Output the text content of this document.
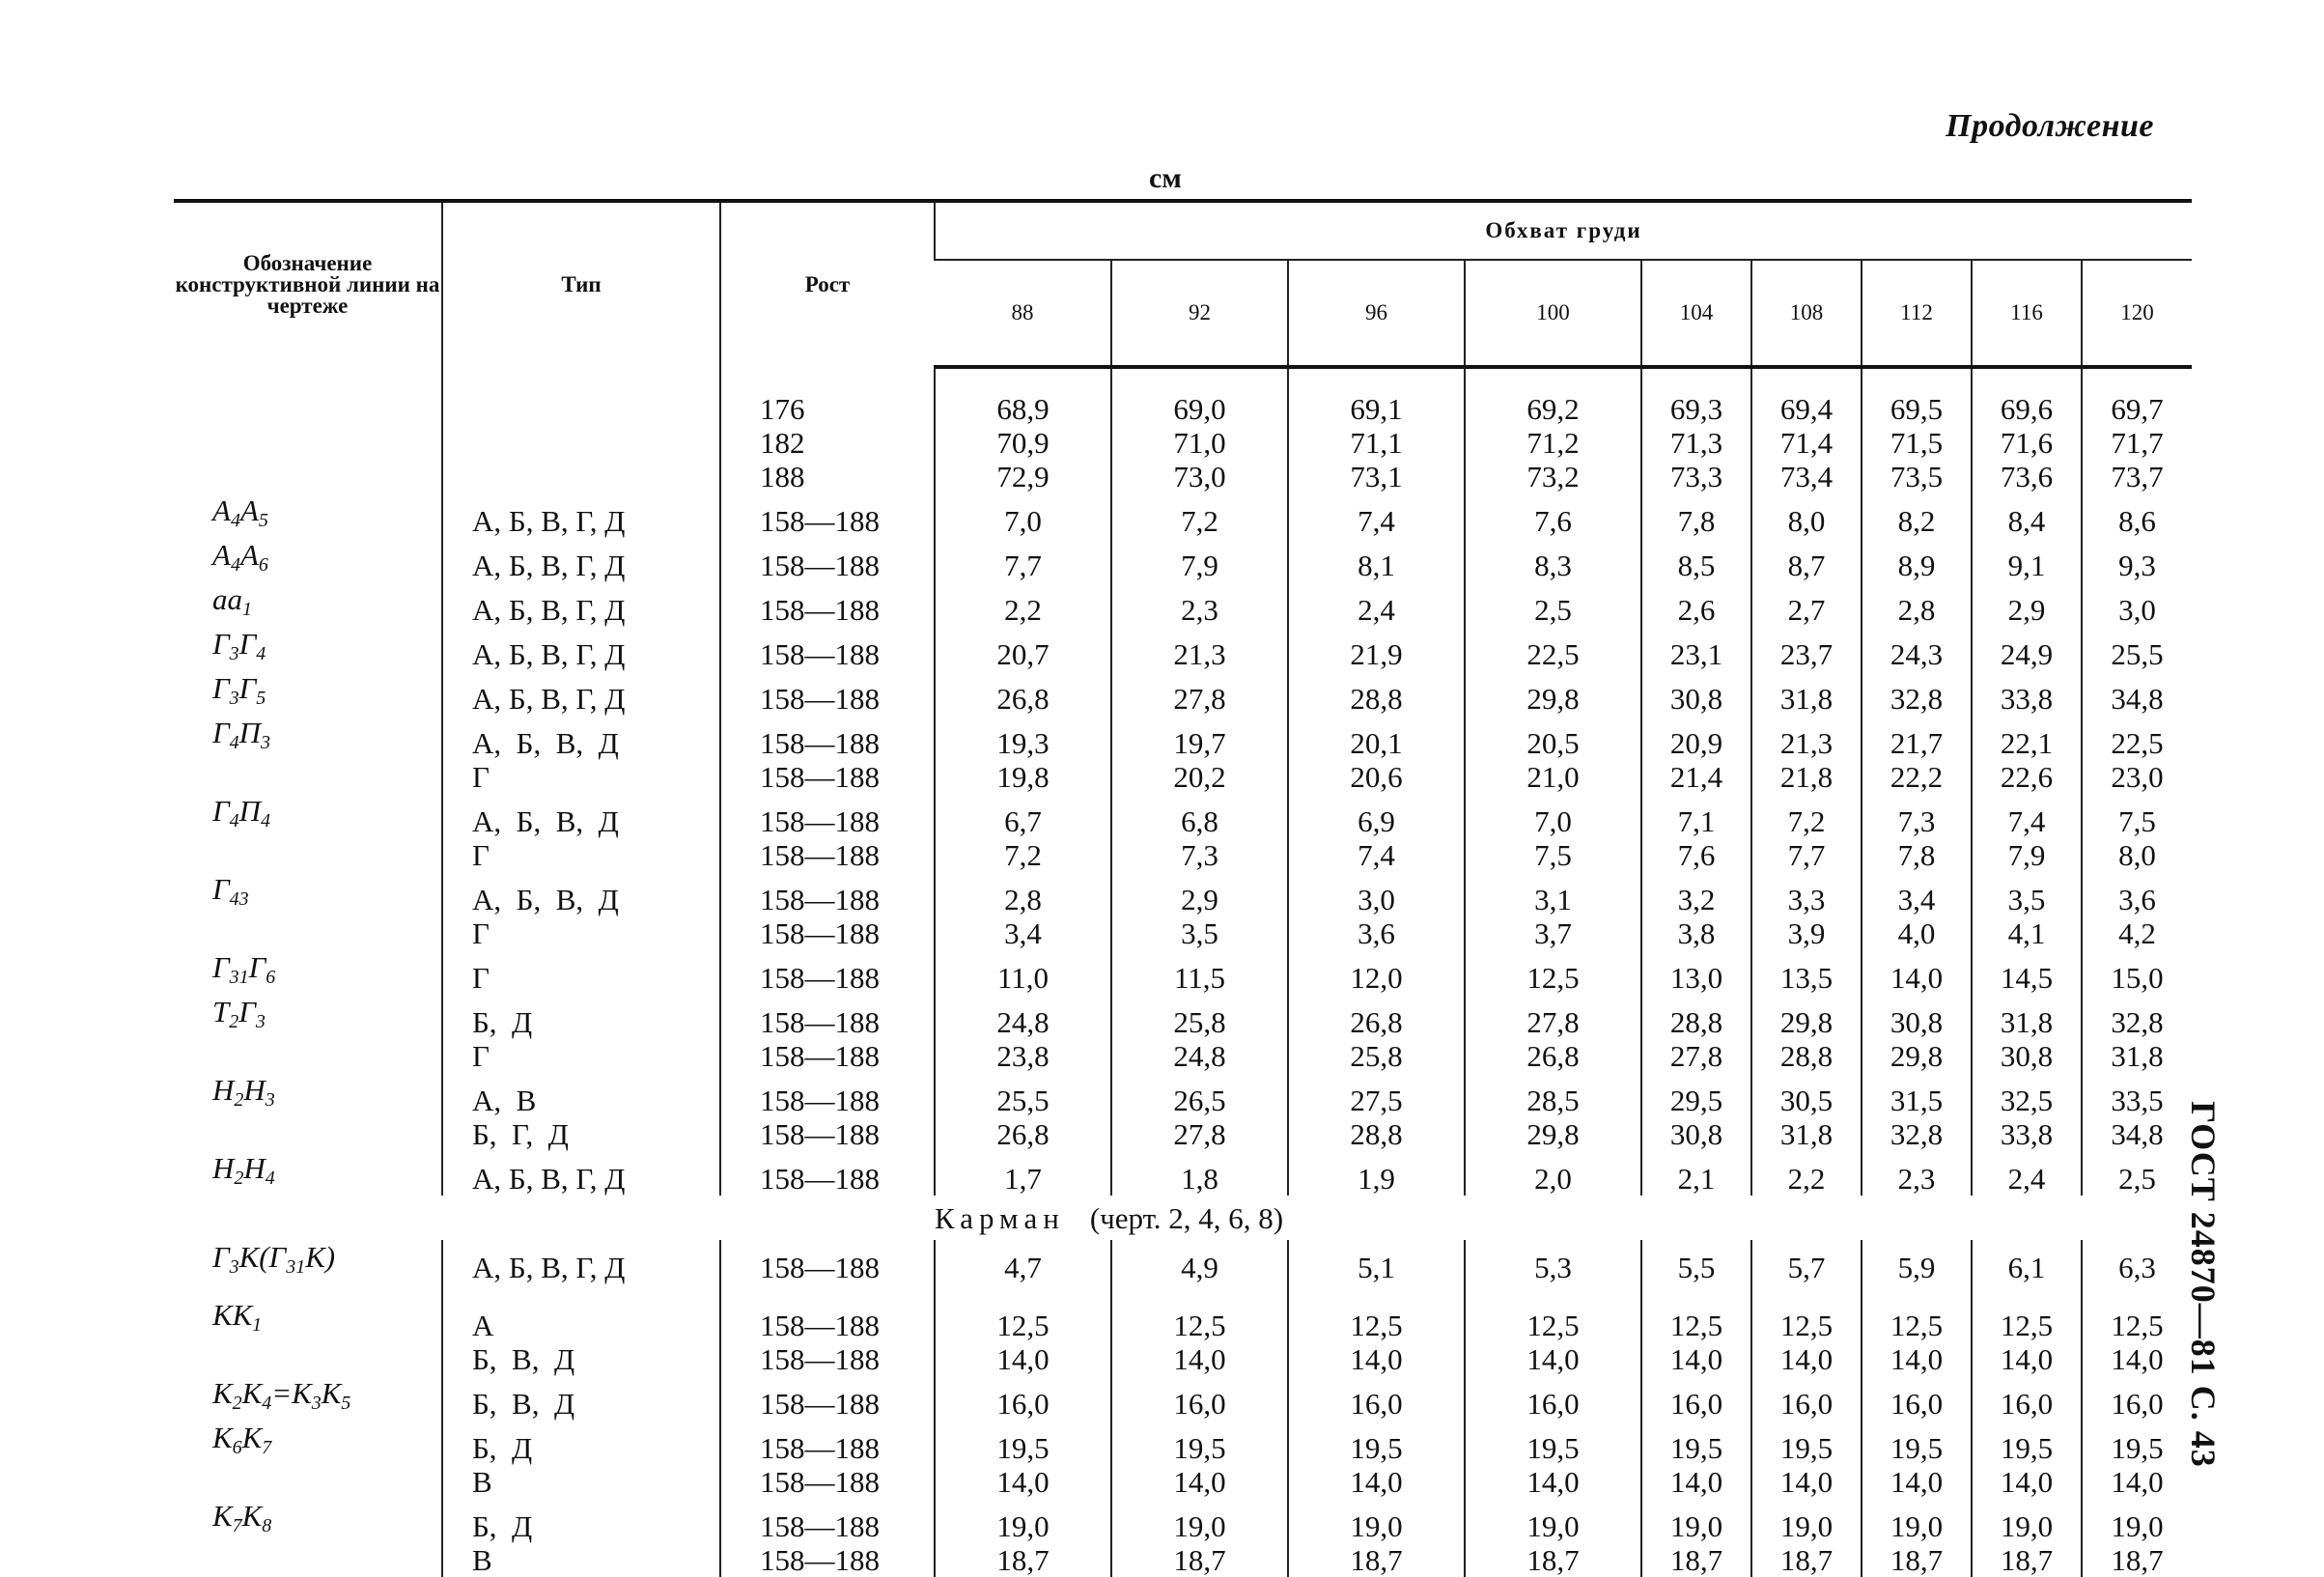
Продолжение
см
ГОСТ 24870—81 С. 43
Обозначение конструктивной линии на чертеже	Тип	Рост	Обхват груди								
			88	92	96	100	104	108	112	116	120

		176	68,9	69,0	69,1	69,2	69,3	69,4	69,5	69,6	69,7
		182	70,9	71,0	71,1	71,2	71,3	71,4	71,5	71,6	71,7
		188	72,9	73,0	73,1	73,2	73,3	73,4	73,5	73,6	73,7
$A_4A_5$	А, Б, В, Г, Д	158—188	7,0	7,2	7,4	7,6	7,8	8,0	8,2	8,4	8,6
$A_4A_6$	А, Б, В, Г, Д	158—188	7,7	7,9	8,1	8,3	8,5	8,7	8,9	9,1	9,3
$aa_1$	А, Б, В, Г, Д	158—188	2,2	2,3	2,4	2,5	2,6	2,7	2,8	2,9	3,0
$Г_3Г_4$	А, Б, В, Г, Д	158—188	20,7	21,3	21,9	22,5	23,1	23,7	24,3	24,9	25,5
$Г_3Г_5$	А, Б, В, Г, Д	158—188	26,8	27,8	28,8	29,8	30,8	31,8	32,8	33,8	34,8
$Г_4П_3$	А,  Б,  В,  Д	158—188	19,3	19,7	20,1	20,5	20,9	21,3	21,7	22,1	22,5
	Г	158—188	19,8	20,2	20,6	21,0	21,4	21,8	22,2	22,6	23,0
$Г_4П_4$	А,  Б,  В,  Д	158—188	6,7	6,8	6,9	7,0	7,1	7,2	7,3	7,4	7,5
	Г	158—188	7,2	7,3	7,4	7,5	7,6	7,7	7,8	7,9	8,0
$Г_{43}$	А,  Б,  В,  Д	158—188	2,8	2,9	3,0	3,1	3,2	3,3	3,4	3,5	3,6
	Г	158—188	3,4	3,5	3,6	3,7	3,8	3,9	4,0	4,1	4,2
$Г_{31}Г_6$	Г	158—188	11,0	11,5	12,0	12,5	13,0	13,5	14,0	14,5	15,0
$Т_2Г_3$	Б,  Д	158—188	24,8	25,8	26,8	27,8	28,8	29,8	30,8	31,8	32,8
	Г	158—188	23,8	24,8	25,8	26,8	27,8	28,8	29,8	30,8	31,8
$Н_2Н_3$	А,  В	158—188	25,5	26,5	27,5	28,5	29,5	30,5	31,5	32,5	33,5
	Б,  Г,  Д	158—188	26,8	27,8	28,8	29,8	30,8	31,8	32,8	33,8	34,8
$Н_2Н_4$	А, Б, В, Г, Д	158—188	1,7	1,8	1,9	2,0	2,1	2,2	2,3	2,4	2,5
			Карман (черт. 2, 4, 6, 8)								
$Г_3К(Г_{31}К)$	А, Б, В, Г, Д	158—188	4,7	4,9	5,1	5,3	5,5	5,7	5,9	6,1	6,3

$КК_1$	А	158—188	12,5	12,5	12,5	12,5	12,5	12,5	12,5	12,5	12,5
	Б,  В,  Д	158—188	14,0	14,0	14,0	14,0	14,0	14,0	14,0	14,0	14,0
$К_2К_4=К_3К_5$	Б,  В,  Д	158—188	16,0	16,0	16,0	16,0	16,0	16,0	16,0	16,0	16,0
$К_6К_7$	Б,  Д	158—188	19,5	19,5	19,5	19,5	19,5	19,5	19,5	19,5	19,5
	В	158—188	14,0	14,0	14,0	14,0	14,0	14,0	14,0	14,0	14,0
$К_7К_8$	Б,  Д	158—188	19,0	19,0	19,0	19,0	19,0	19,0	19,0	19,0	19,0
	В	158—188	18,7	18,7	18,7	18,7	18,7	18,7	18,7	18,7	18,7
